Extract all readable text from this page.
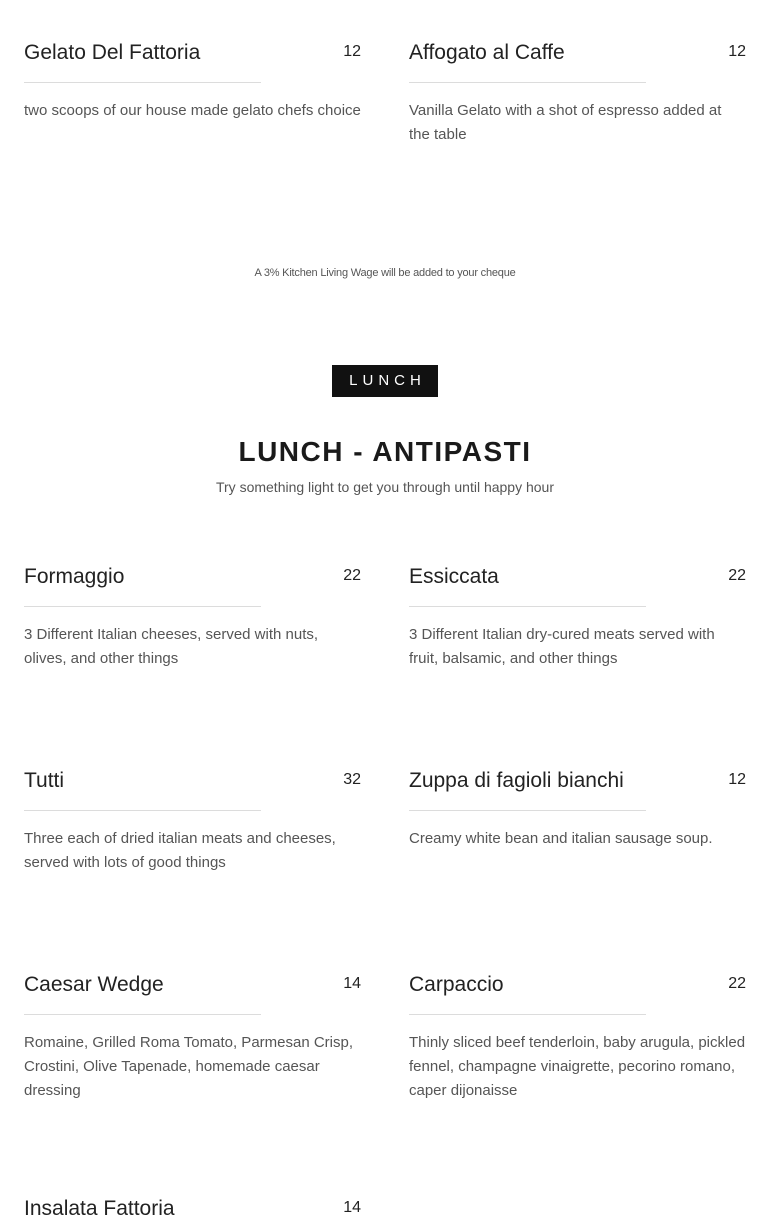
Gelato Del Fattoria	12
two scoops of our house made gelato chefs choice
Affogato al Caffe	12
Vanilla Gelato with a shot of espresso added at the table
A 3% Kitchen Living Wage will be added to your cheque
LUNCH
LUNCH - ANTIPASTI
Try something light to get you through until happy hour
Formaggio	22
3 Different Italian cheeses, served with nuts, olives, and other things
Essiccata	22
3 Different Italian dry-cured meats served with fruit, balsamic, and other things
Tutti	32
Three each of dried italian meats and cheeses, served with lots of good things
Zuppa di fagioli bianchi	12
Creamy white bean and italian sausage soup.
Caesar Wedge	14
Romaine, Grilled Roma Tomato, Parmesan Crisp, Crostini, Olive Tapenade, homemade caesar dressing
Carpaccio	22
Thinly sliced beef tenderloin, baby arugula, pickled fennel, champagne vinaigrette, pecorino romano, caper dijonaisse
Insalata Fattoria	14
